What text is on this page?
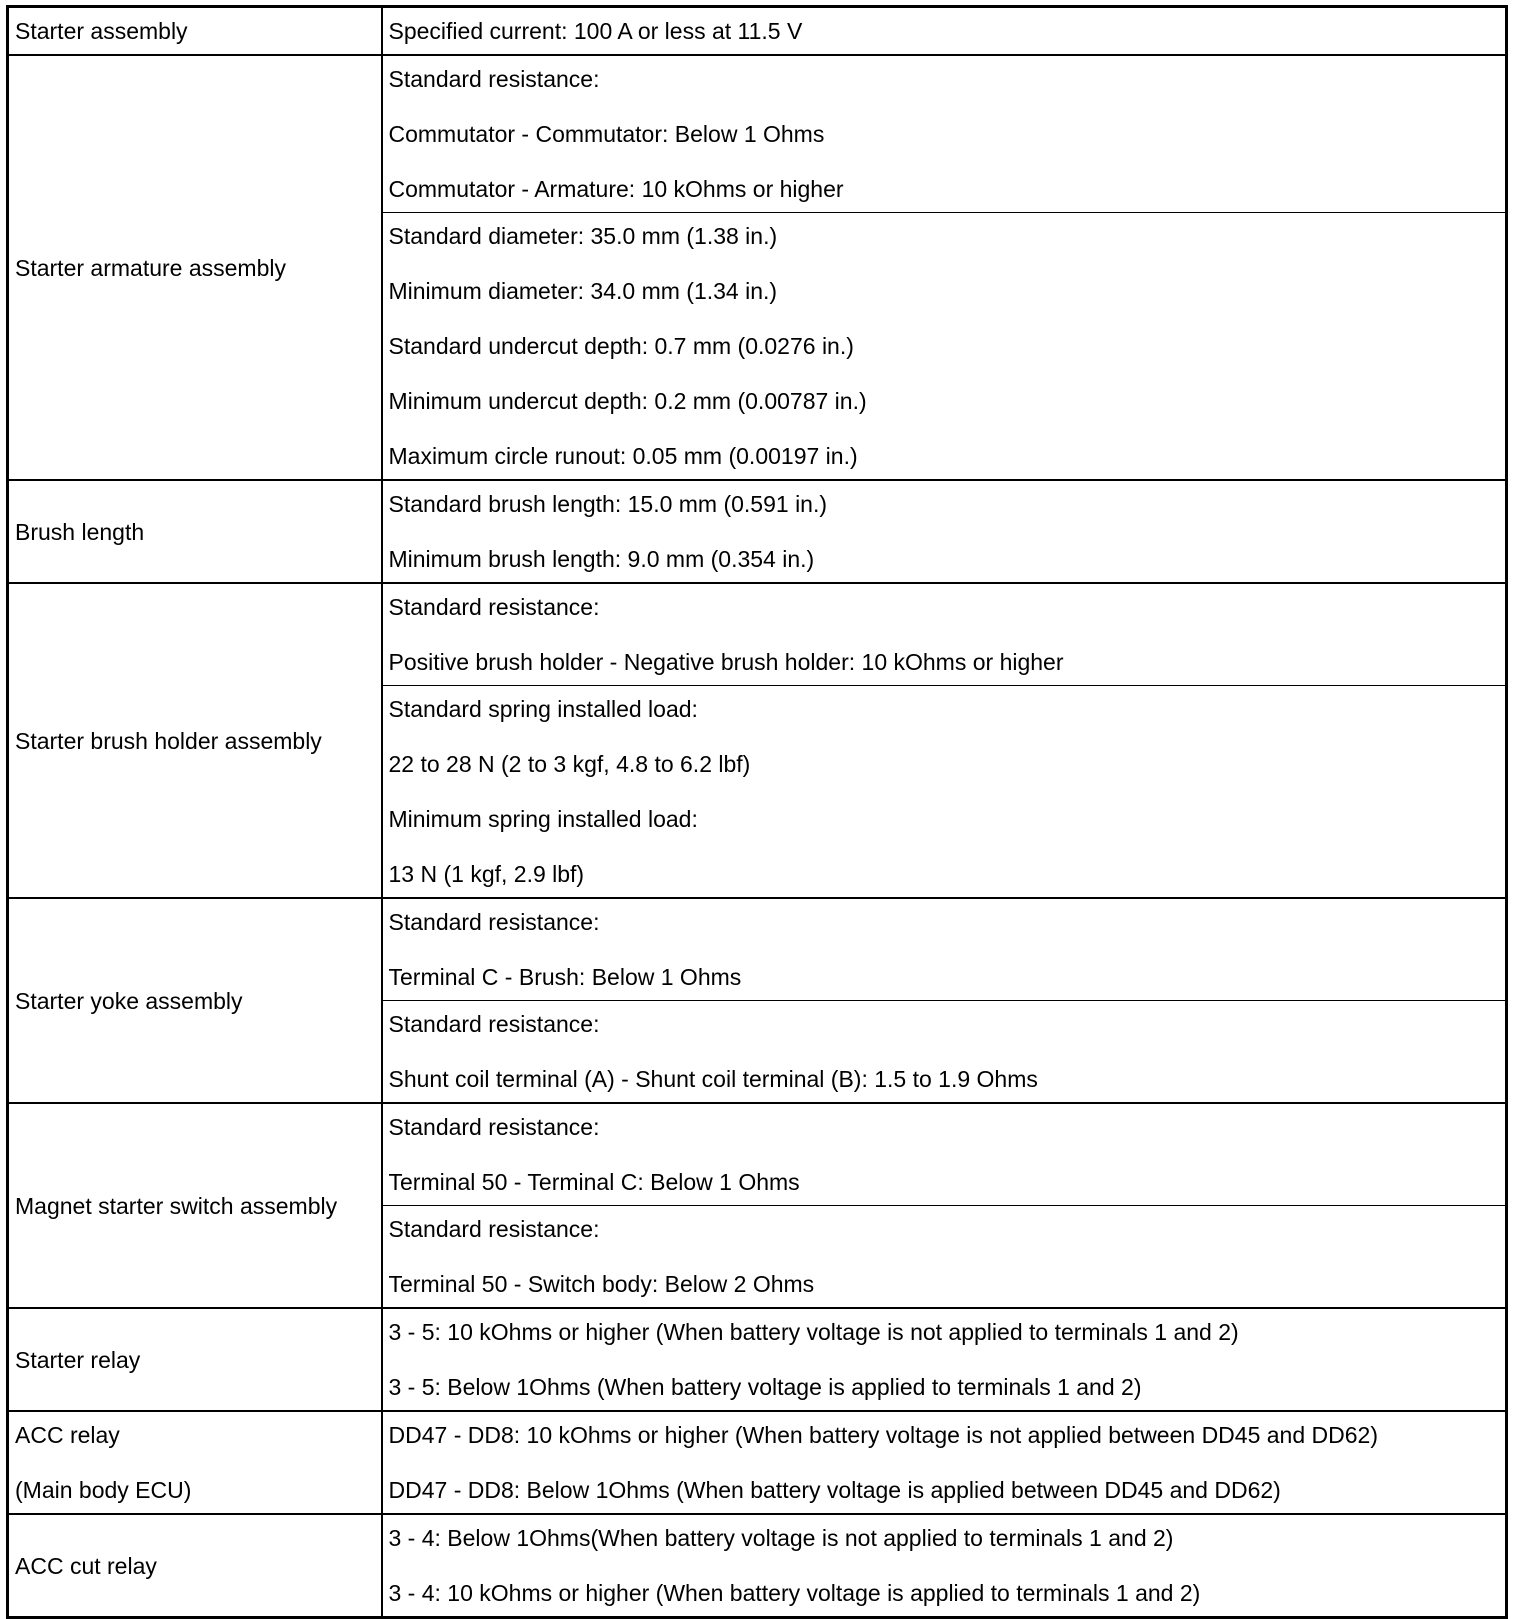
Starter assembly	Specified current: 100 A or less at 11.5 V

Starter armature assembly	Standard resistance:
Commutator - Commutator: Below 1 Ohms
Commutator - Armature: 10 kOhms or higher

	Standard diameter: 35.0 mm (1.38 in.)
Minimum diameter: 34.0 mm (1.34 in.)
Standard undercut depth: 0.7 mm (0.0276 in.)
Minimum undercut depth: 0.2 mm (0.00787 in.)
Maximum circle runout: 0.05 mm (0.00197 in.)

Brush length	Standard brush length: 15.0 mm (0.591 in.)
Minimum brush length: 9.0 mm (0.354 in.)

Starter brush holder assembly	Standard resistance:
Positive brush holder - Negative brush holder: 10 kOhms or higher

	Standard spring installed load:
22 to 28 N (2 to 3 kgf, 4.8 to 6.2 lbf)
Minimum spring installed load:
13 N (1 kgf, 2.9 lbf)

Starter yoke assembly	Standard resistance:
Terminal C - Brush: Below 1 Ohms

	Standard resistance:
Shunt coil terminal (A) - Shunt coil terminal (B): 1.5 to 1.9 Ohms

Magnet starter switch assembly	Standard resistance:
Terminal 50 - Terminal C: Below 1 Ohms

	Standard resistance:
Terminal 50 - Switch body: Below 2 Ohms

Starter relay	3 - 5: 10 kOhms or higher (When battery voltage is not applied to terminals 1 and 2)
3 - 5: Below 1Ohms (When battery voltage is applied to terminals 1 and 2)

ACC relay
(Main body ECU)	DD47 - DD8: 10 kOhms or higher (When battery voltage is not applied between DD45 and DD62)
DD47 - DD8: Below 1Ohms (When battery voltage is applied between DD45 and DD62)

ACC cut relay	3 - 4: Below 1Ohms(When battery voltage is not applied to terminals 1 and 2)
3 - 4: 10 kOhms or higher (When battery voltage is applied to terminals 1 and 2)
